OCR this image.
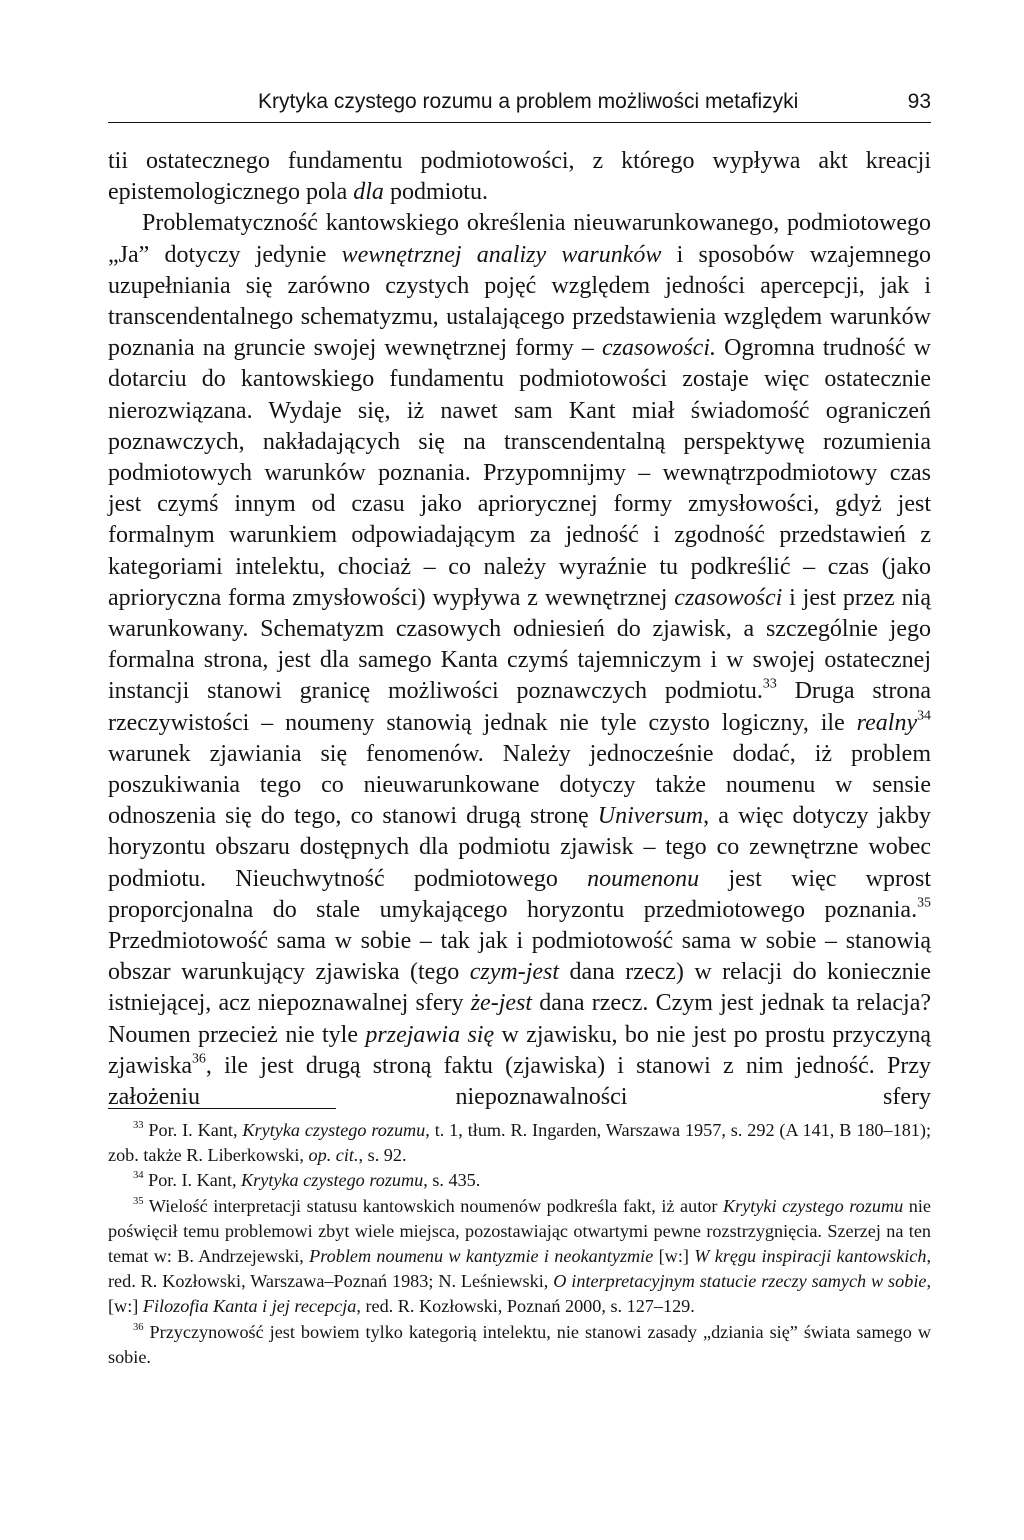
Krytyka czystego rozumu a problem możliwości metafizyki	93

tii ostatecznego fundamentu podmiotowości, z którego wypływa akt kreacji epistemologicznego pola dla podmiotu.

Problematyczność kantowskiego określenia nieuwarunkowanego, podmiotowego „Ja” dotyczy jedynie wewnętrznej analizy warunków i sposobów wzajemnego uzupełniania się zarówno czystych pojęć względem jedności apercepcji, jak i transcendentalnego schematyzmu, ustalającego przedstawienia względem warunków poznania na gruncie swojej wewnętrznej formy – czasowości. Ogromna trudność w dotarciu do kantowskiego fundamentu podmiotowości zostaje więc ostatecznie nierozwiązana. Wydaje się, iż nawet sam Kant miał świadomość ograniczeń poznawczych, nakładających się na transcendentalną perspektywę rozumienia podmiotowych warunków poznania. Przypomnijmy – wewnątrzpodmiotowy czas jest czymś innym od czasu jako apriorycznej formy zmysłowości, gdyż jest formalnym warunkiem odpowiadającym za jedność i zgodność przedstawień z kategoriami intelektu, chociaż – co należy wyraźnie tu podkreślić – czas (jako aprioryczna forma zmysłowości) wypływa z wewnętrznej czasowości i jest przez nią warunkowany. Schematyzm czasowych odniesień do zjawisk, a szczególnie jego formalna strona, jest dla samego Kanta czymś tajemniczym i w swojej ostatecznej instancji stanowi granicę możliwości poznawczych podmiotu.$^{33}$ Druga strona rzeczywistości – noumeny stanowią jednak nie tyle czysto logiczny, ile realny$^{34}$ warunek zjawiania się fenomenów. Należy jednocześnie dodać, iż problem poszukiwania tego co nieuwarunkowane dotyczy także noumenu w sensie odnoszenia się do tego, co stanowi drugą stronę Universum, a więc dotyczy jakby horyzontu obszaru dostępnych dla podmiotu zjawisk – tego co zewnętrzne wobec podmiotu. Nieuchwytność podmiotowego noumenonu jest więc wprost proporcjonalna do stale umykającego horyzontu przedmiotowego poznania.$^{35}$ Przedmiotowość sama w sobie – tak jak i podmiotowość sama w sobie – stanowią obszar warunkujący zjawiska (tego czym-jest dana rzecz) w relacji do koniecznie istniejącej, acz niepoznawalnej sfery że-jest dana rzecz. Czym jest jednak ta relacja? Noumen przecież nie tyle przejawia się w zjawisku, bo nie jest po prostu przyczyną zjawiska$^{36}$, ile jest drugą stroną faktu (zjawiska) i stanowi z nim jedność. Przy założeniu niepoznawalności sfery

$^{33}$ Por. I. Kant, Krytyka czystego rozumu, t. 1, tłum. R. Ingarden, Warszawa 1957, s. 292 (A 141, B 180–181); zob. także R. Liberkowski, op. cit., s. 92.

$^{34}$ Por. I. Kant, Krytyka czystego rozumu, s. 435.

$^{35}$ Wielość interpretacji statusu kantowskich noumenów podkreśla fakt, iż autor Krytyki czystego rozumu nie poświęcił temu problemowi zbyt wiele miejsca, pozostawiając otwartymi pewne rozstrzygnięcia. Szerzej na ten temat w: B. Andrzejewski, Problem noumenu w kantyzmie i neokantyzmie [w:] W kręgu inspiracji kantowskich, red. R. Kozłowski, Warszawa–Poznań 1983; N. Leśniewski, O interpretacyjnym statucie rzeczy samych w sobie, [w:] Filozofia Kanta i jej recepcja, red. R. Kozłowski, Poznań 2000, s. 127–129.

$^{36}$ Przyczynowość jest bowiem tylko kategorią intelektu, nie stanowi zasady „dziania się” świata samego w sobie.
